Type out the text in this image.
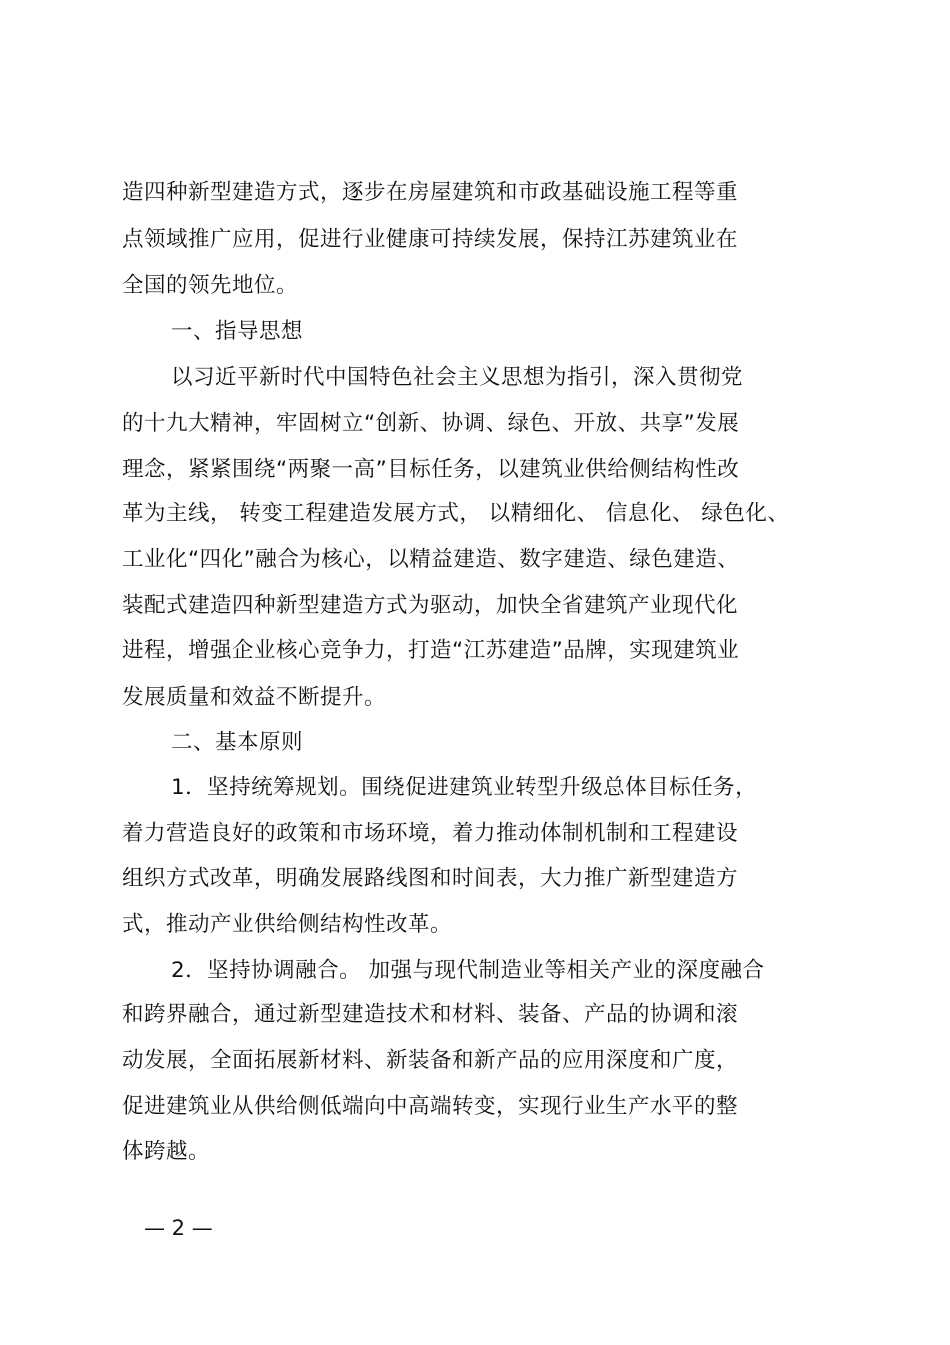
造四种新型建造方式，逐步在房屋建筑和市政基础设施工程等重
点领域推广应用，促进行业健康可持续发展，保持江苏建筑业在
全国的领先地位。
一、指导思想
以习近平新时代中国特色社会主义思想为指引，深入贯彻党
的十九大精神，牢固树立“创新、协调、绿色、开放、共享”发展
理念，紧紧围绕“两聚一高”目标任务，以建筑业供给侧结构性改
革为主线， 转变工程建造发展方式， 以精细化、 信息化、 绿色化、
工业化“四化”融合为核心，以精益建造、数字建造、绿色建造、
装配式建造四种新型建造方式为驱动，加快全省建筑产业现代化
进程，增强企业核心竞争力，打造“江苏建造”品牌，实现建筑业
发展质量和效益不断提升。
二、基本原则
1．坚持统筹规划。围绕促进建筑业转型升级总体目标任务，
着力营造良好的政策和市场环境，着力推动体制机制和工程建设
组织方式改革，明确发展路线图和时间表，大力推广新型建造方
式，推动产业供给侧结构性改革。
2．坚持协调融合。 加强与现代制造业等相关产业的深度融合
和跨界融合，通过新型建造技术和材料、装备、产品的协调和滚
动发展，全面拓展新材料、新装备和新产品的应用深度和广度，
促进建筑业从供给侧低端向中高端转变，实现行业生产水平的整
体跨越。
— 2 —
